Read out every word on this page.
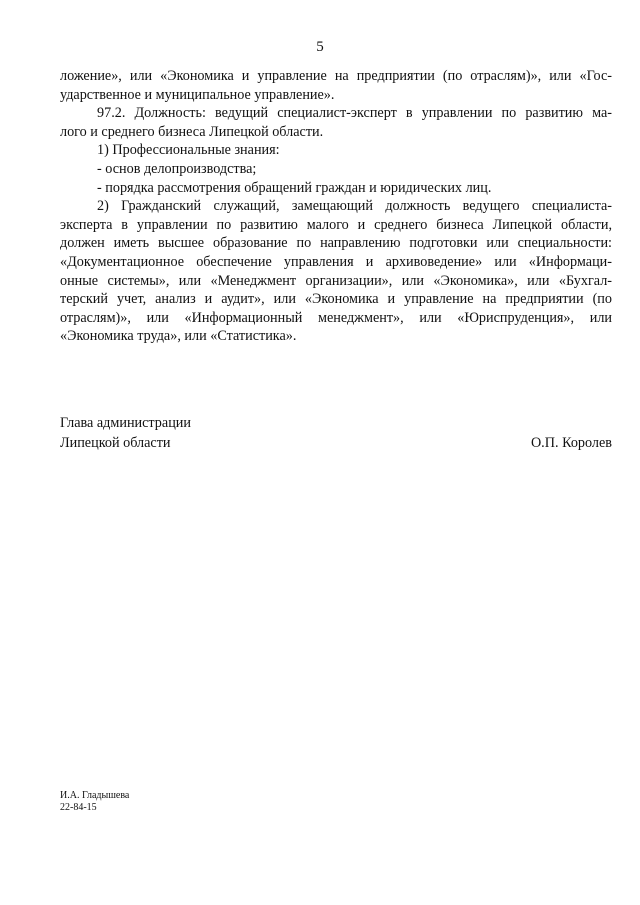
5
ложение», или «Экономика и управление на предприятии (по отраслям)», или «Гос-
ударственное и муниципальное управление».
97.2. Должность: ведущий специалист-эксперт в управлении по развитию ма-
лого и среднего бизнеса Липецкой области.
1) Профессиональные знания:
- основ делопроизводства;
- порядка рассмотрения обращений граждан и юридических лиц.
2) Гражданский служащий, замещающий должность ведущего специалиста-
эксперта в управлении по развитию малого и среднего бизнеса Липецкой области,
должен иметь высшее образование по направлению подготовки или специальности:
«Документационное обеспечение управления и архивоведение» или «Информаци-
онные системы», или «Менеджмент организации», или «Экономика», или «Бухгал-
терский учет, анализ и аудит», или «Экономика и управление на предприятии (по
отраслям)», или «Информационный менеджмент», или «Юриспруденция», или
«Экономика труда», или «Статистика».
Глава администрации
Липецкой области	О.П. Королев
И.А. Гладышева
22-84-15
